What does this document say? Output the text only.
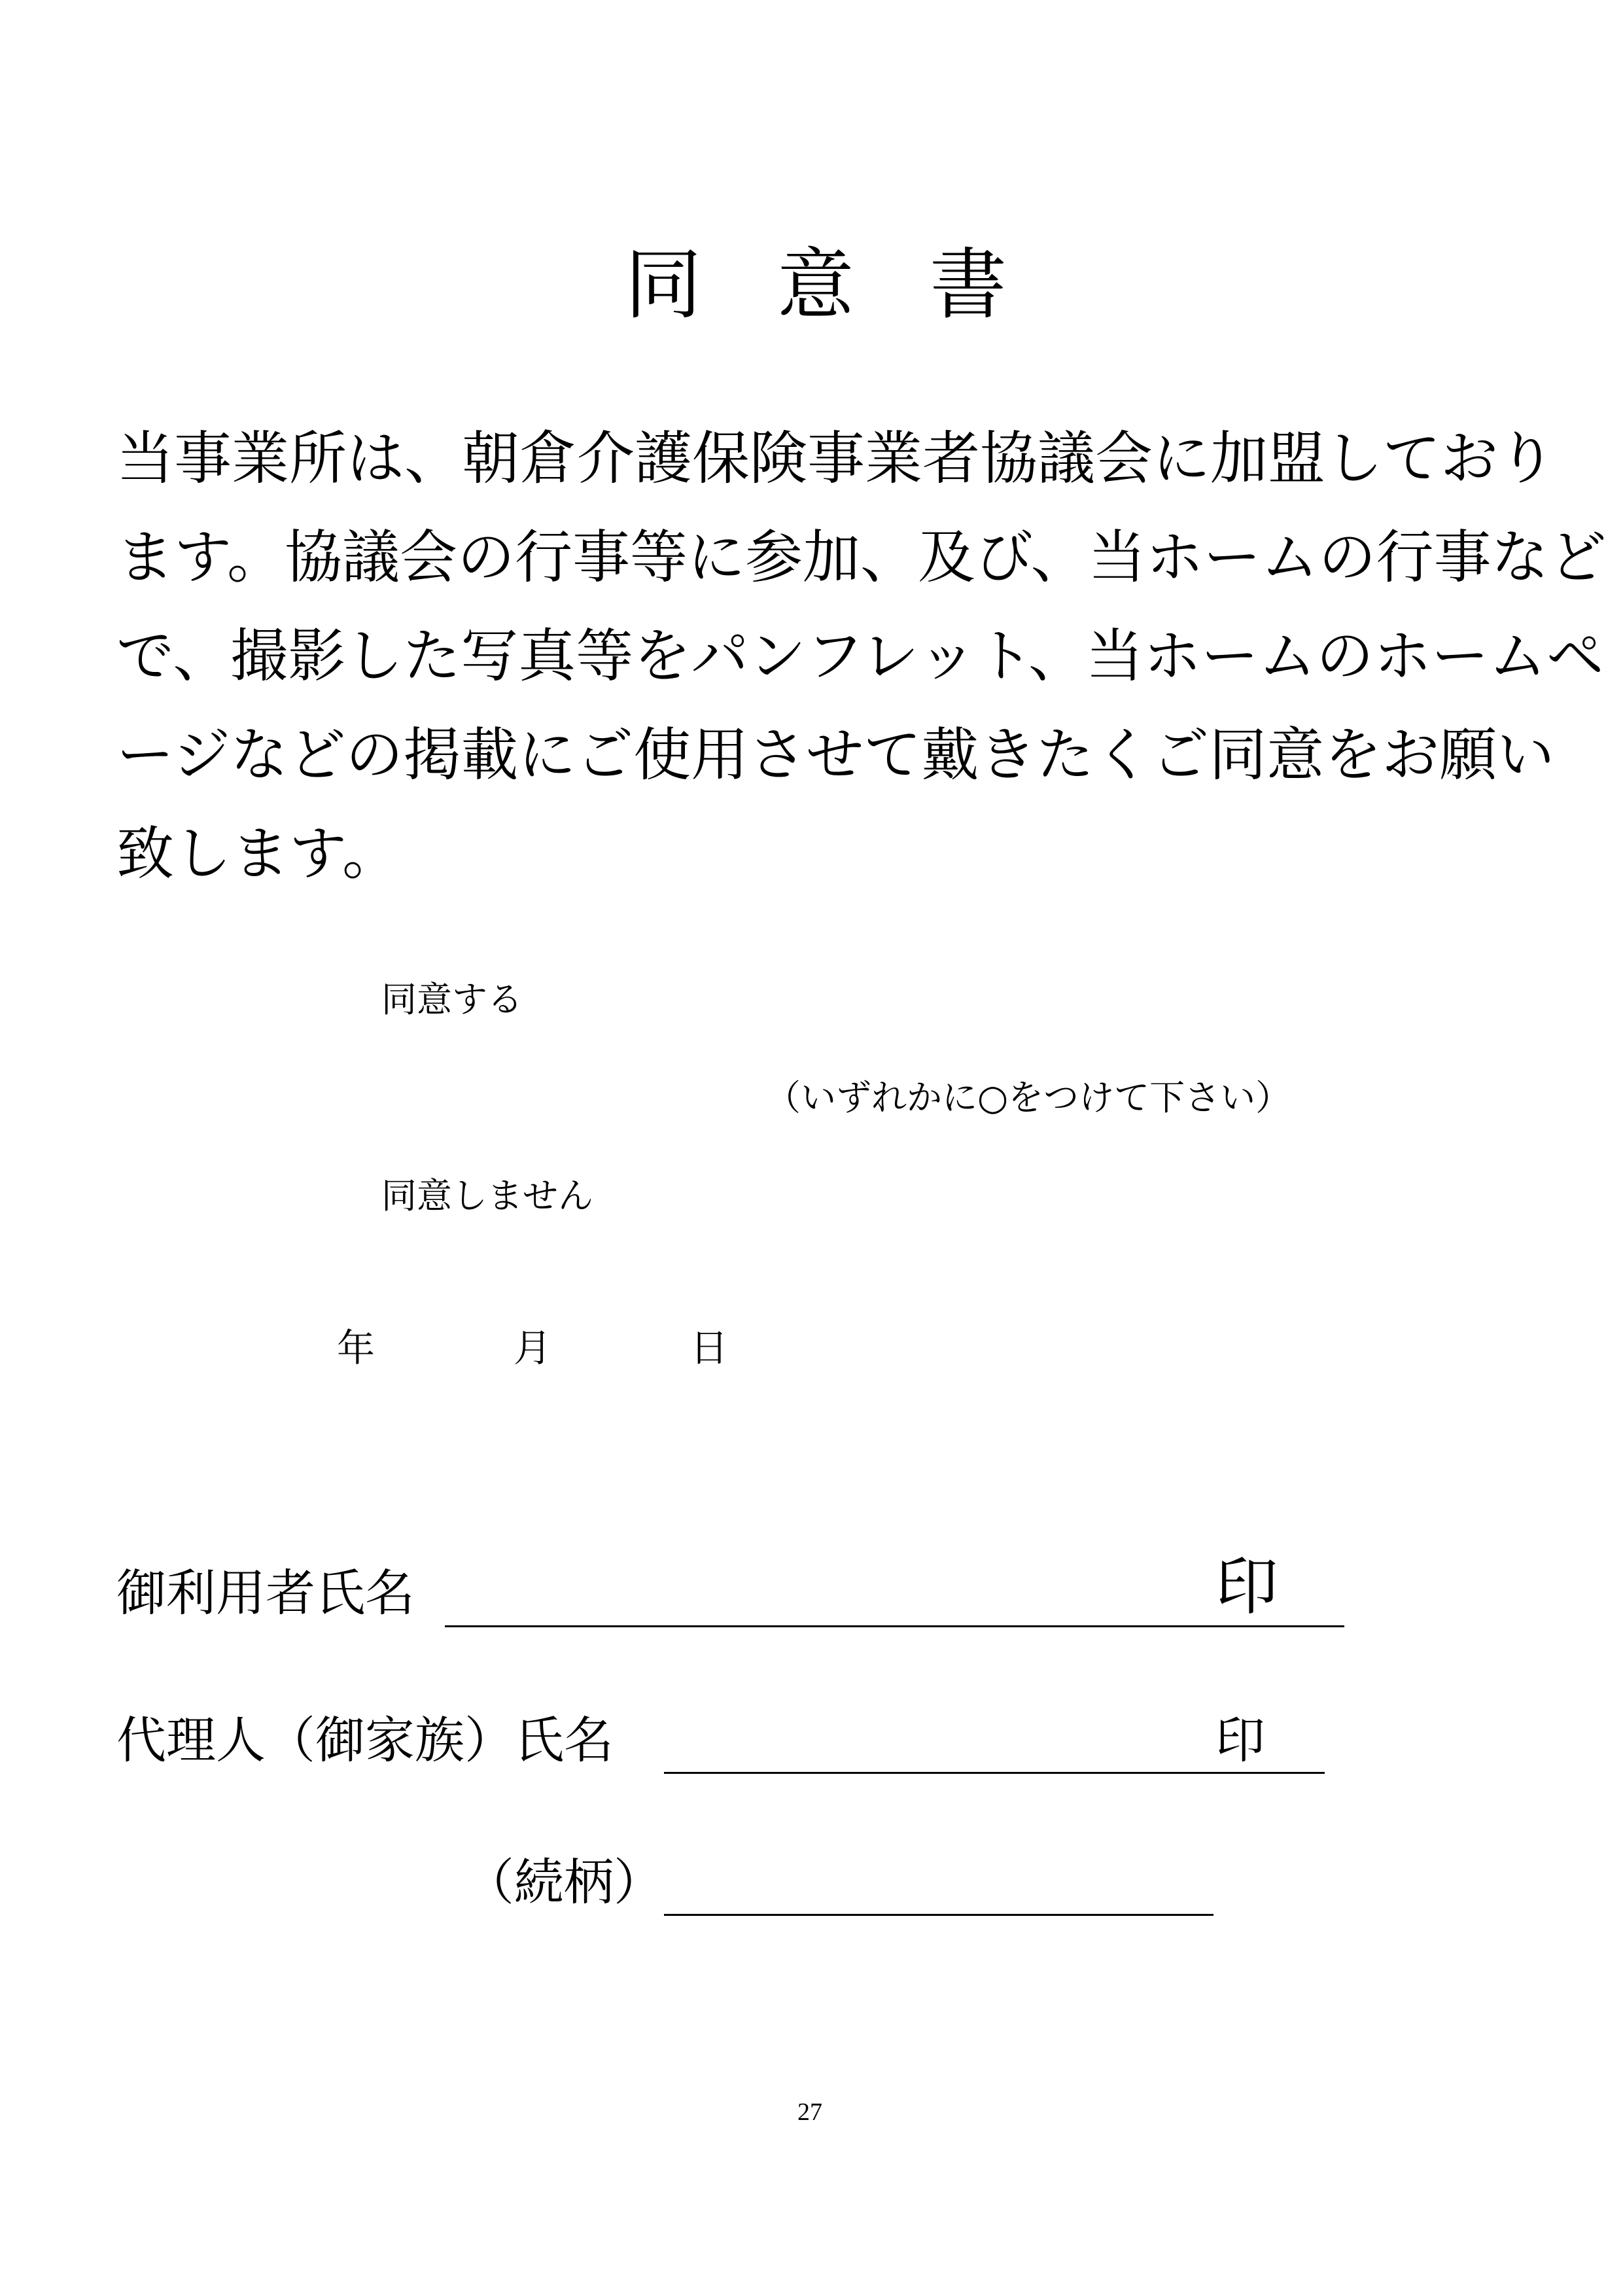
同 意 書
当事業所は、朝倉介護保険事業者協議会に加盟しており
ます。協議会の行事等に参加、及び、当ホームの行事など
で、撮影した写真等をパンフレット、当ホームのホームペ
ージなどの掲載にご使用させて戴きたくご同意をお願い
致します。
同意する
（いずれかに○をつけて下さい）
同意しません
年	月	日
御利用者氏名	印
代理人（御家族）氏名	印
（続柄）
27
